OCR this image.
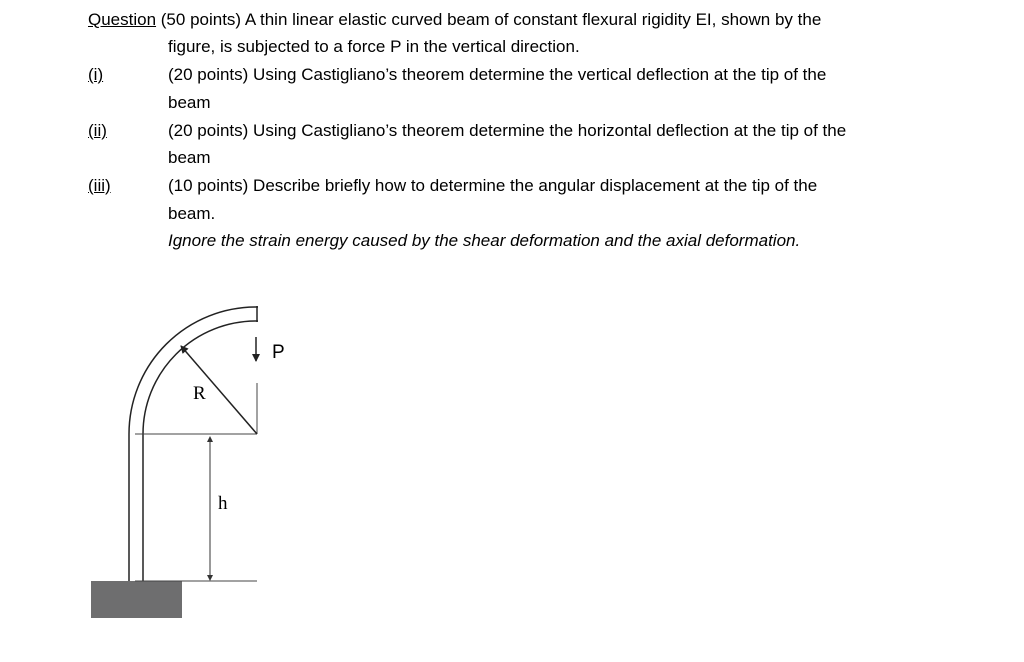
Question (50 points) A thin linear elastic curved beam of constant flexural rigidity EI, shown by the
figure, is subjected to a force P in the vertical direction.
(i)	(20 points) Using Castigliano’s theorem determine the vertical deflection at the tip of the
beam
(ii)	(20 points) Using Castigliano’s theorem determine the horizontal deflection at the tip of the
beam
(iii)	(10 points) Describe briefly how to determine the angular displacement at the tip of the
beam.
Ignore the strain energy caused by the shear deformation and the axial deformation.
R
h
P
